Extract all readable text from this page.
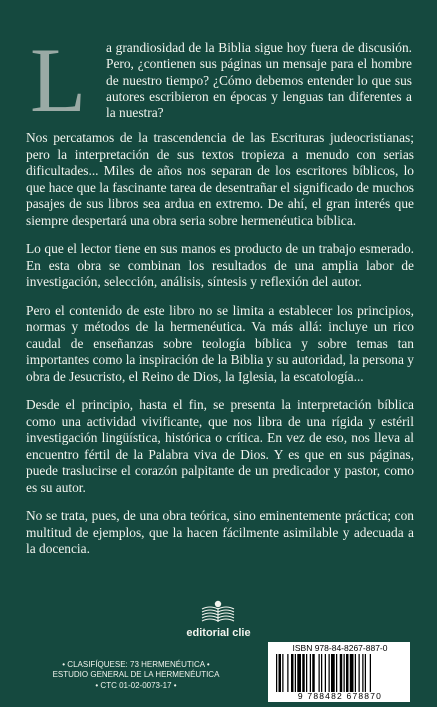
L a grandiosidad de la Biblia sigue hoy fuera de discusión. Pero, ¿contienen sus páginas un mensaje para el hombre de nuestro tiempo? ¿Cómo debemos entender lo que sus autores escribieron en épocas y lenguas tan diferentes a la nuestra?

Nos percatamos de la trascendencia de las Escrituras judeocristianas; pero la interpretación de sus textos tropieza a menudo con serias dificultades... Miles de años nos separan de los escritores bíblicos, lo que hace que la fascinante tarea de desentrañar el significado de muchos pasajes de sus libros sea ardua en extremo. De ahí, el gran interés que siempre despertará una obra seria sobre hermenéutica bíblica.

Lo que el lector tiene en sus manos es producto de un trabajo esmerado. En esta obra se combinan los resultados de una amplia labor de investigación, selección, análisis, síntesis y reflexión del autor.

Pero el contenido de este libro no se limita a establecer los principios, normas y métodos de la hermenéutica. Va más allá: incluye un rico caudal de enseñanzas sobre teología bíblica y sobre temas tan importantes como la inspiración de la Biblia y su autoridad, la persona y obra de Jesucristo, el Reino de Dios, la Iglesia, la escatología...

Desde el principio, hasta el fin, se presenta la interpretación bíblica como una actividad vivificante, que nos libra de una rígida y estéril investigación lingüística, histórica o crítica. En vez de eso, nos lleva al encuentro fértil de la Palabra viva de Dios. Y es que en sus páginas, puede traslucirse el corazón palpitante de un predicador y pastor, como es su autor.

No se trata, pues, de una obra teórica, sino eminentemente práctica; con multitud de ejemplos, que la hacen fácilmente asimilable y adecuada a la docencia.

editorial clie
• CLASIFÍQUESE: 73 HERMENÉUTICA •
ESTUDIO GENERAL DE LA HERMENÉUTICA
• CTC 01-02-0073-17 •
ISBN 978-84-8267-887-0
9 788482 678870
